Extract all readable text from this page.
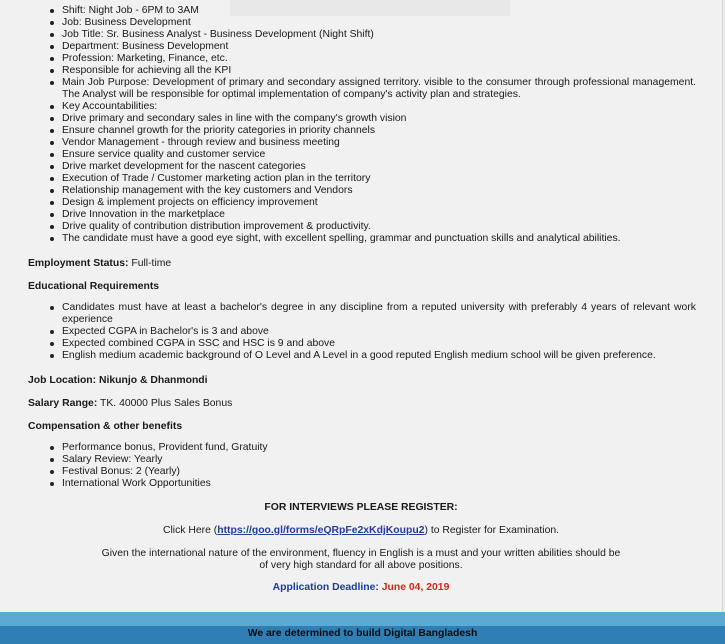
Shift: Night Job - 6PM to 3AM
Job: Business Development
Job Title: Sr. Business Analyst - Business Development (Night Shift)
Department: Business Development
Profession: Marketing, Finance, etc.
Responsible for achieving all the KPI
Main Job Purpose: Development of primary and secondary assigned territory. visible to the consumer through professional management. The Analyst will be responsible for optimal implementation of company's activity plan and strategies.
Key Accountabilities:
Drive primary and secondary sales in line with the company's growth vision
Ensure channel growth for the priority categories in priority channels
Vendor Management - through review and business meeting
Ensure service quality and customer service
Drive market development for the nascent categories
Execution of Trade / Customer marketing action plan in the territory
Relationship management with the key customers and Vendors
Design & implement projects on efficiency improvement
Drive Innovation in the marketplace
Drive quality of contribution distribution improvement & productivity.
The candidate must have a good eye sight, with excellent spelling, grammar and punctuation skills and analytical abilities.
Employment Status: Full-time
Educational Requirements
Candidates must have at least a bachelor's degree in any discipline from a reputed university with preferably 4 years of relevant work experience
Expected CGPA in Bachelor's is 3 and above
Expected combined CGPA in SSC and HSC is 9 and above
English medium academic background of O Level and A Level in a good reputed English medium school will be given preference.
Job Location: Nikunjo & Dhanmondi
Salary Range: TK. 40000 Plus Sales Bonus
Compensation & other benefits
Performance bonus, Provident fund, Gratuity
Salary Review: Yearly
Festival Bonus: 2 (Yearly)
International Work Opportunities
FOR INTERVIEWS PLEASE REGISTER:
Click Here (https://goo.gl/forms/eQRpFe2xKdjKoupu2) to Register for Examination.
Given the international nature of the environment, fluency in English is a must and your written abilities should be of very high standard for all above positions.
Application Deadline: June 04, 2019
We are determined to build Digital Bangladesh
